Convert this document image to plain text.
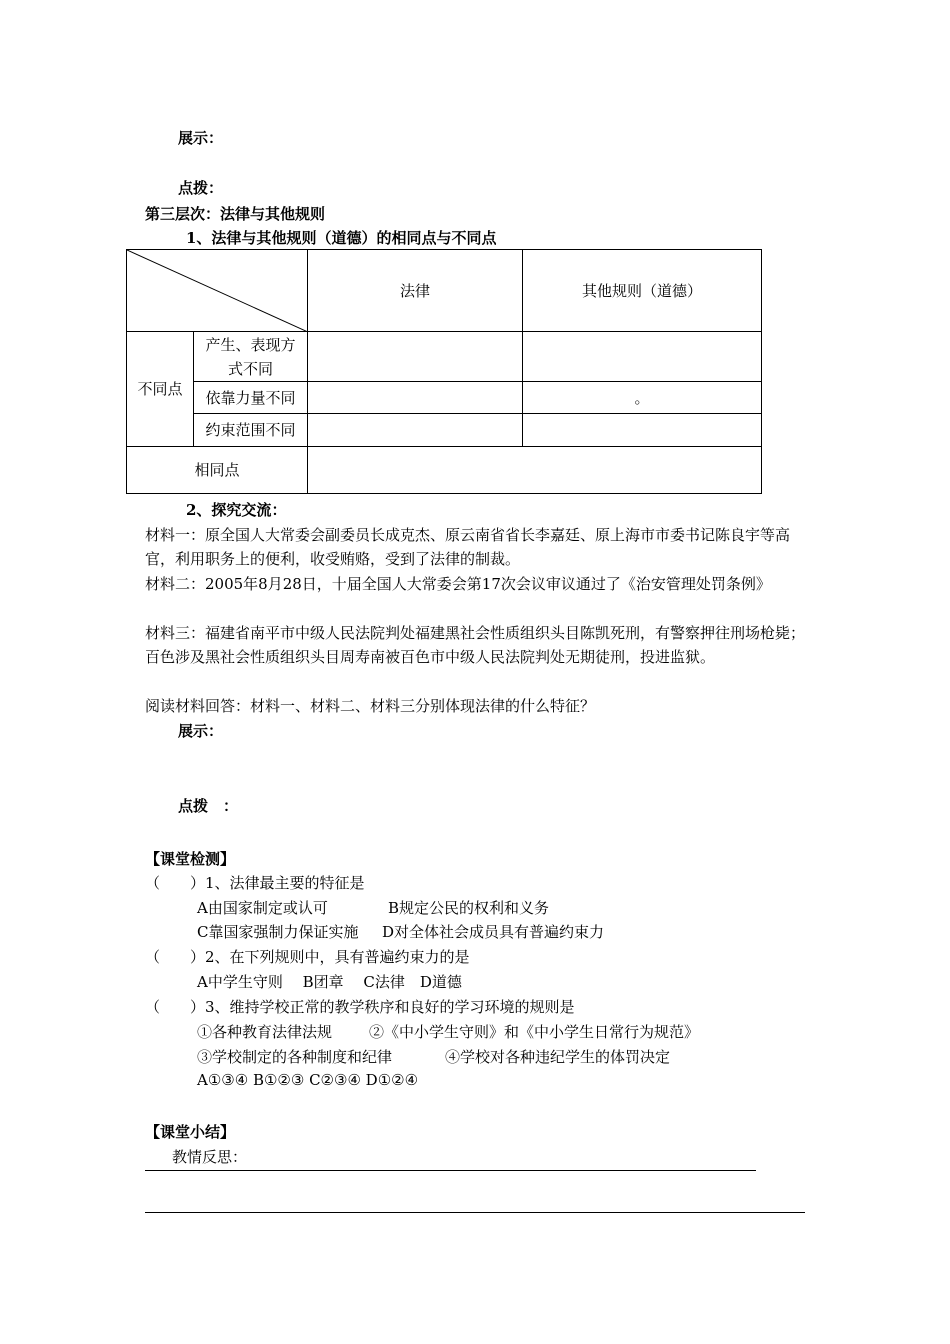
展示：
点拨：
第三层次：法律与其他规则
1、法律与其他规则（道德）的相同点与不同点
	法律	其他规则（道德）
不同点	产生、表现方
式不同		

	依靠力量不同		。
	约束范围不同		
相同点			
2、探究交流：
材料一：原全国人大常委会副委员长成克杰、原云南省省长李嘉廷、原上海市市委书记陈良宇等高官，利用职务上的便利，收受贿赂，受到了法律的制裁。
材料二：2005年8月28日，十届全国人大常委会第17次会议审议通过了《治安管理处罚条例》
材料三：福建省南平市中级人民法院判处福建黑社会性质组织头目陈凯死刑，有警察押往刑场枪毙；百色涉及黑社会性质组织头目周寿南被百色市中级人民法院判处无期徒刑，投进监狱。
阅读材料回答：材料一、材料二、材料三分别体现法律的什么特征？
展示：
点拨　：
【课堂检测】
（　　）1、法律最主要的特征是
A由国家制定或认可	B规定公民的权利和义务
C靠国家强制力保证实施 D对全体社会成员具有普遍约束力
（　　）2、在下列规则中，具有普遍约束力的是
A中学生守则　 B团章　 C法律　D道德
（　　）3、维持学校正常的教学秩序和良好的学习环境的规则是
①各种教育法律法规 ②《中小学生守则》和《中小学生日常行为规范》
③学校制定的各种制度和纪律	④学校对各种违纪学生的体罚决定
A①③④ B①②③ C②③④ D①②④
【课堂小结】
教情反思：
